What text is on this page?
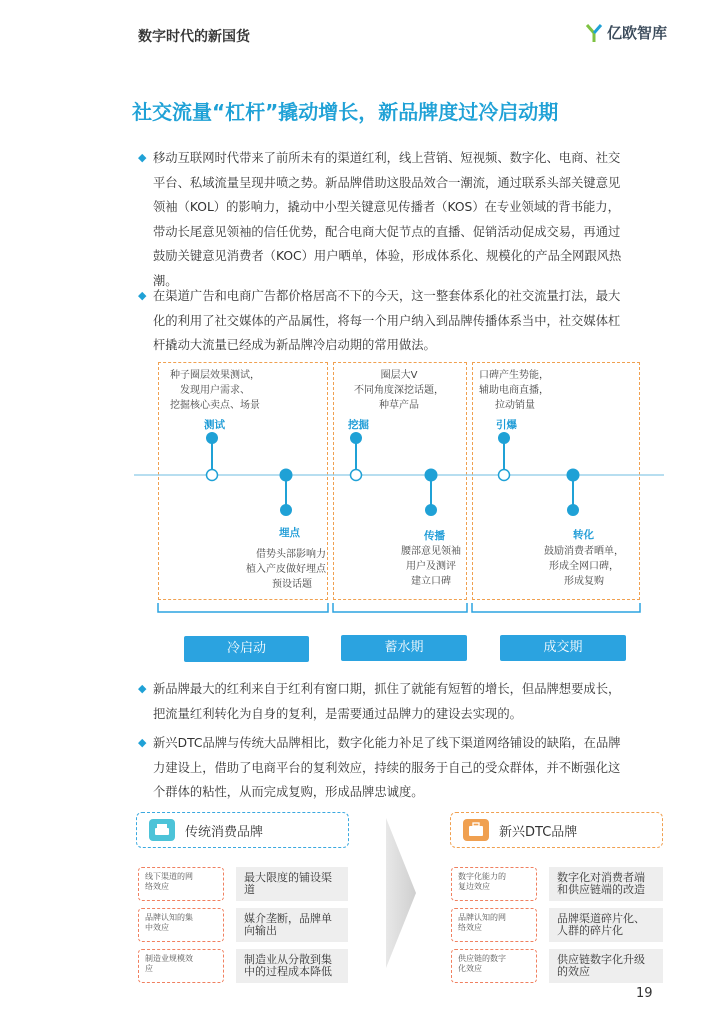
数字时代的新国货	亿欧智库
社交流量“杠杆”撬动增长，新品牌度过冷启动期
◆ 移动互联网时代带来了前所未有的渠道红利，线上营销、短视频、数字化、电商、社交
平台、私域流量呈现井喷之势。新品牌借助这股品效合一潮流，通过联系头部关键意见
领袖（KOL）的影响力，撬动中小型关键意见传播者（KOS）在专业领域的背书能力，
带动长尾意见领袖的信任优势，配合电商大促节点的直播、促销活动促成交易，再通过
鼓励关键意见消费者（KOC）用户晒单，体验，形成体系化、规模化的产品全网跟风热
潮。
◆ 在渠道广告和电商广告都价格居高不下的今天，这一整套体系化的社交流量打法，最大
化的利用了社交媒体的产品属性，将每一个用户纳入到品牌传播体系当中，社交媒体杠
杆撬动大流量已经成为新品牌冷启动期的常用做法。
种子圈层效果测试，
发现用户需求、
挖掘核心卖点、场景
圈层大V
不同角度深挖话题，
种草产品
口碑产生势能，
辅助电商直播，
拉动销量
测试	挖掘	引爆
埋点	传播	转化
借势头部影响力
植入产皮做好埋点
预设话题
腰部意见领袖
用户及测评
建立口碑
鼓励消费者晒单，
形成全网口碑，
形成复购
冷启动	蓄水期	成交期
◆ 新品牌最大的红利来自于红利有窗口期，抓住了就能有短暂的增长，但品牌想要成长，
把流量红利转化为自身的复利，是需要通过品牌力的建设去实现的。
◆ 新兴DTC品牌与传统大品牌相比，数字化能力补足了线下渠道网络铺设的缺陷，在品牌
力建设上，借助了电商平台的复利效应，持续的服务于自己的受众群体，并不断强化这
个群体的粘性，从而完成复购，形成品牌忠诚度。
传统消费品牌
线下渠道的网
络效应
最大限度的铺设渠
道
品牌认知的集
中效应
媒介垄断，品牌单
向输出
制造业规模效
应
制造业从分散到集
中的过程成本降低
新兴DTC品牌
数字化能力的
复边效应
数字化对消费者端
和供应链端的改造
品牌认知的网
络效应
品牌渠道碎片化、
人群的碎片化
供应链的数字
化效应
供应链数字化升级
的效应
19
